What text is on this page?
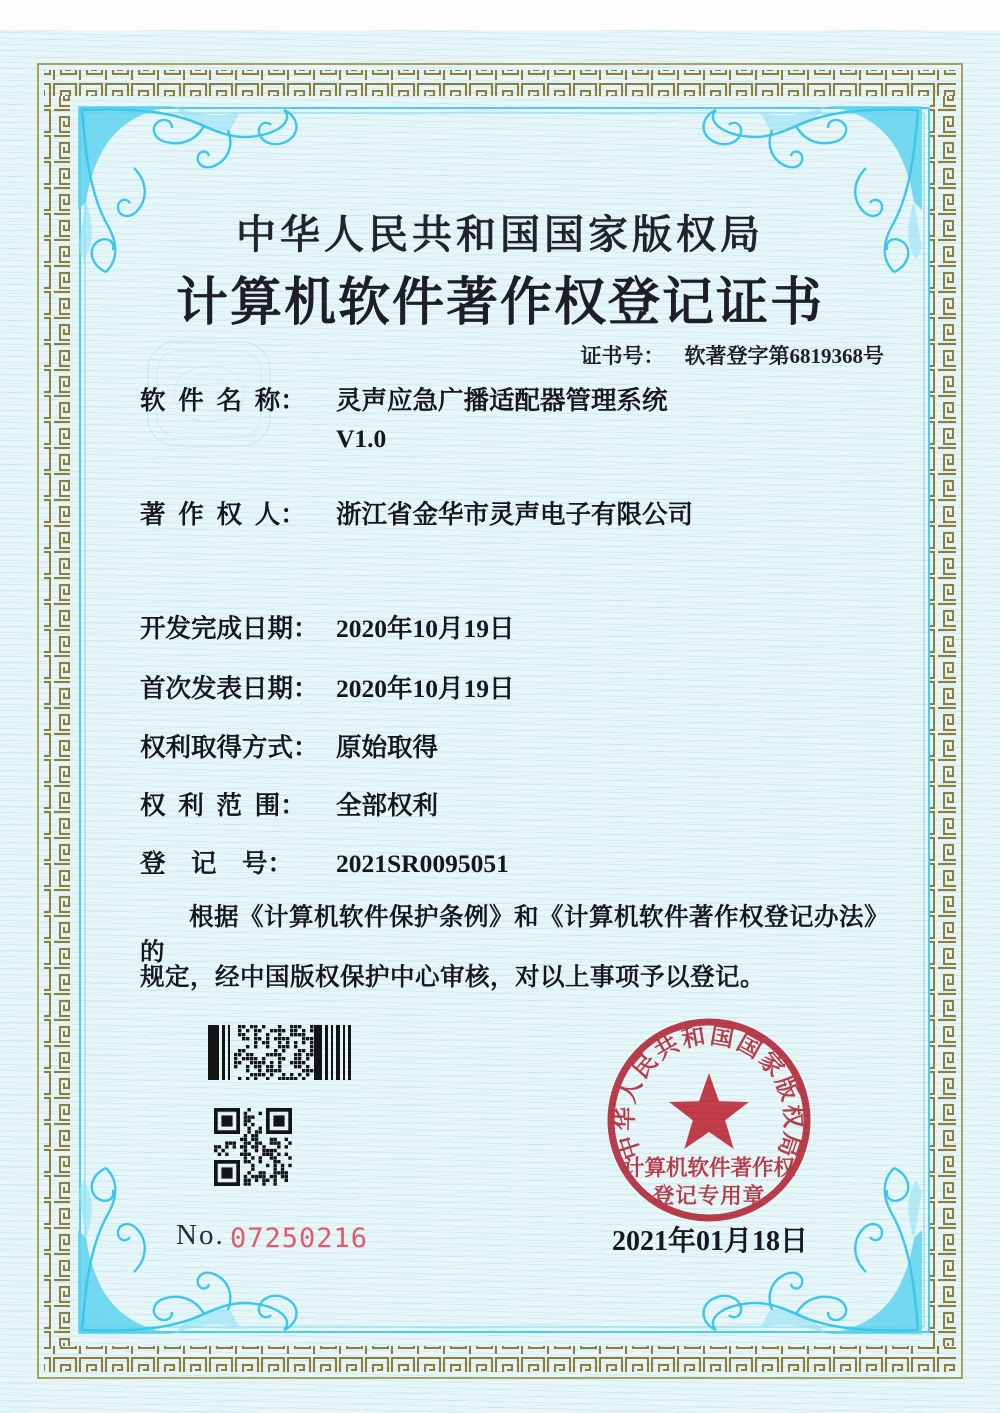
中华人民共和国国家版权局
计算机软件著作权登记证书
证书号： 软著登字第6819368号
软  件  名  称： 灵声应急广播适配器管理系统
V1.0
著  作  权  人： 浙江省金华市灵声电子有限公司
开发完成日期： 2020年10月19日
首次发表日期： 2020年10月19日
权利取得方式： 原始取得
权  利  范  围： 全部权利
登    记    号： 2021SR0095051
根据《计算机软件保护条例》和《计算机软件著作权登记办法》的
规定，经中国版权保护中心审核，对以上事项予以登记。
No. 07250216	2021年01月18日
中华人民共和国国家版权局
计算机软件著作权
登记专用章
